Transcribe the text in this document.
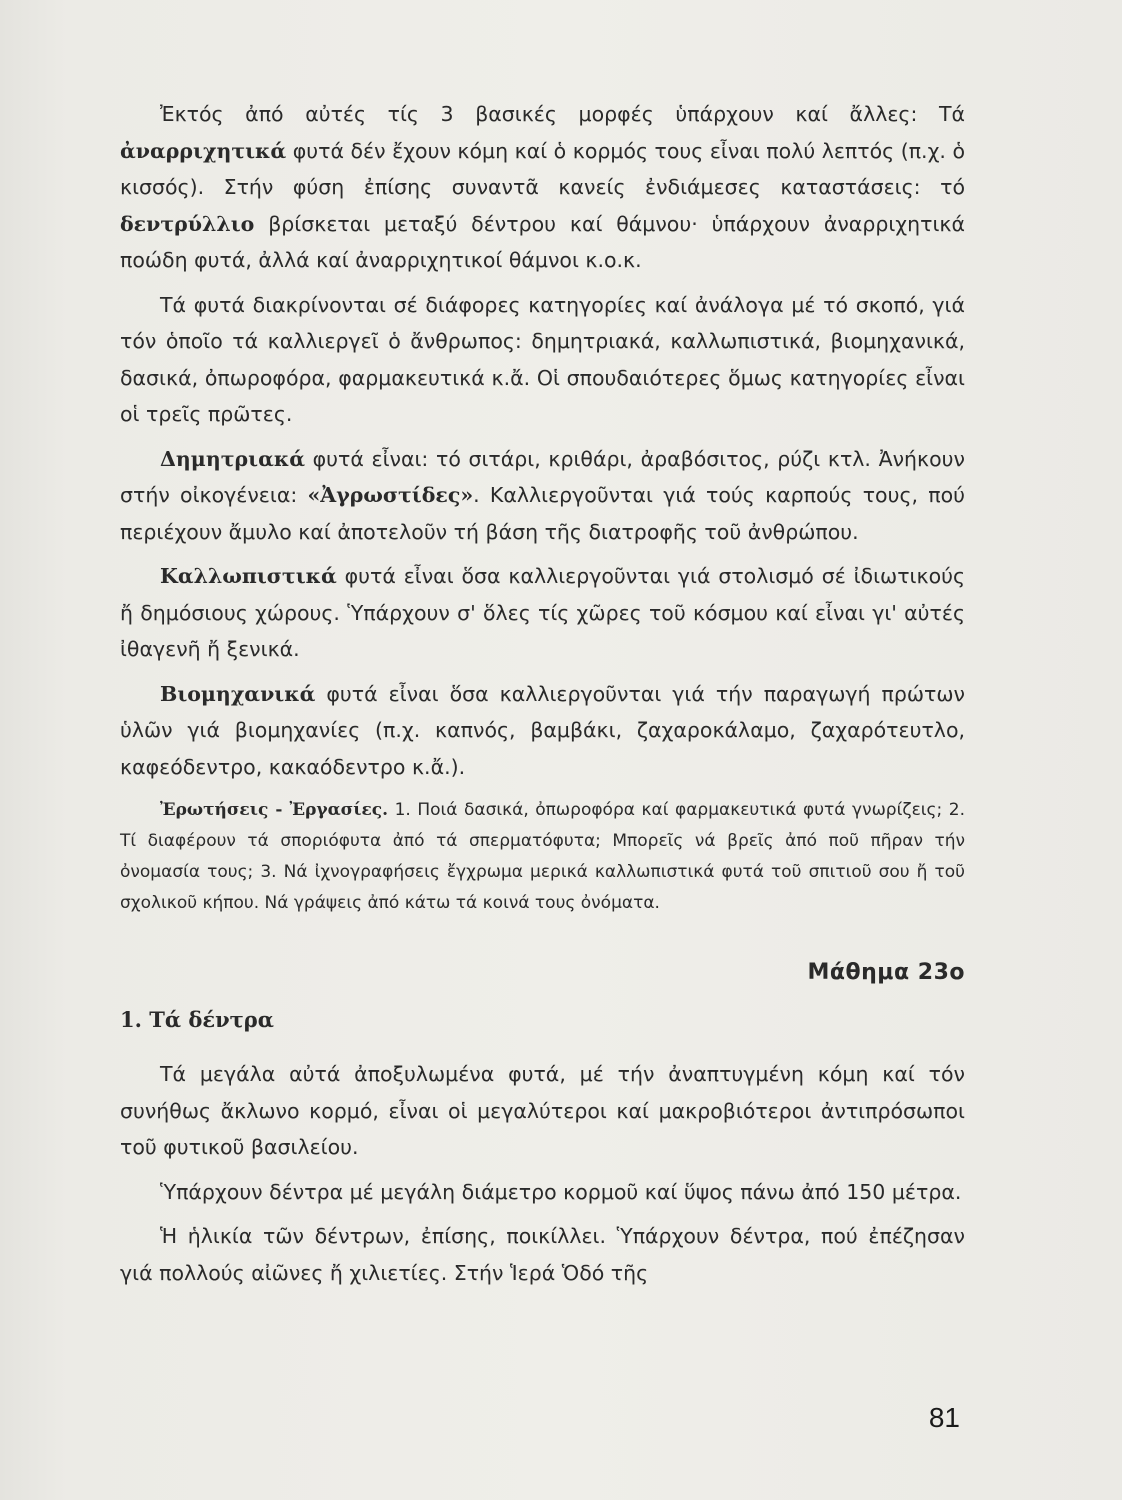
Ἐκτός ἀπό αὐτές τίς 3 βασικές μορφές ὑπάρχουν καί ἄλλες: Τά ἀναρριχητικά φυτά δέν ἔχουν κόμη καί ὁ κορμός τους εἶναι πολύ λεπτός (π.χ. ὁ κισσός). Στήν φύση ἐπίσης συναντᾶ κανείς ἐνδιάμεσες καταστάσεις: τό δεντρύλλιο βρίσκεται μεταξύ δέντρου καί θάμνου· ὑπάρχουν ἀναρριχητικά ποώδη φυτά, ἀλλά καί ἀναρριχητικοί θάμνοι κ.ο.κ.

Τά φυτά διακρίνονται σέ διάφορες κατηγορίες καί ἀνάλογα μέ τό σκοπό, γιά τόν ὁποῖο τά καλλιεργεῖ ὁ ἄνθρωπος: δημητριακά, καλλωπιστικά, βιομηχανικά, δασικά, ὀπωροφόρα, φαρμακευτικά κ.ἄ. Οἱ σπουδαιότερες ὅμως κατηγορίες εἶναι οἱ τρεῖς πρῶτες.

Δημητριακά φυτά εἶναι: τό σιτάρι, κριθάρι, ἀραβόσιτος, ρύζι κτλ. Ἀνήκουν στήν οἰκογένεια: «Ἀγρωστίδες». Καλλιεργοῦνται γιά τούς καρπούς τους, πού περιέχουν ἄμυλο καί ἀποτελοῦν τή βάση τῆς διατροφῆς τοῦ ἀνθρώπου.

Καλλωπιστικά φυτά εἶναι ὅσα καλλιεργοῦνται γιά στολισμό σέ ἰδιωτικούς ἤ δημόσιους χώρους. Ὑπάρχουν σ' ὅλες τίς χῶρες τοῦ κόσμου καί εἶναι γι' αὐτές ἰθαγενῆ ἤ ξενικά.

Βιομηχανικά φυτά εἶναι ὅσα καλλιεργοῦνται γιά τήν παραγωγή πρώτων ὑλῶν γιά βιομηχανίες (π.χ. καπνός, βαμβάκι, ζαχαροκάλαμο, ζαχαρότευτλο, καφεόδεντρο, κακαόδεντρο κ.ἄ.).

Ἐρωτήσεις - Ἐργασίες. 1. Ποιά δασικά, ὀπωροφόρα καί φαρμακευτικά φυτά γνωρίζεις; 2. Τί διαφέρουν τά σποριόφυτα ἀπό τά σπερματόφυτα; Μπορεῖς νά βρεῖς ἀπό ποῦ πῆραν τήν ὀνομασία τους; 3. Νά ἰχνογραφήσεις ἔγχρωμα μερικά καλλωπιστικά φυτά τοῦ σπιτιοῦ σου ἤ τοῦ σχολικοῦ κήπου. Νά γράψεις ἀπό κάτω τά κοινά τους ὀνόματα.
Μάθημα 23ο
1. Τά δέντρα

Τά μεγάλα αὐτά ἀποξυλωμένα φυτά, μέ τήν ἀναπτυγμένη κόμη καί τόν συνήθως ἄκλωνο κορμό, εἶναι οἱ μεγαλύτεροι καί μακροβιότεροι ἀντιπρόσωποι τοῦ φυτικοῦ βασιλείου.

Ὑπάρχουν δέντρα μέ μεγάλη διάμετρο κορμοῦ καί ὕψος πάνω ἀπό 150 μέτρα.

Ἡ ἡλικία τῶν δέντρων, ἐπίσης, ποικίλλει. Ὑπάρχουν δέντρα, πού ἐπέζησαν γιά πολλούς αἰῶνες ἤ χιλιετίες. Στήν Ἱερά Ὁδό τῆς

81
